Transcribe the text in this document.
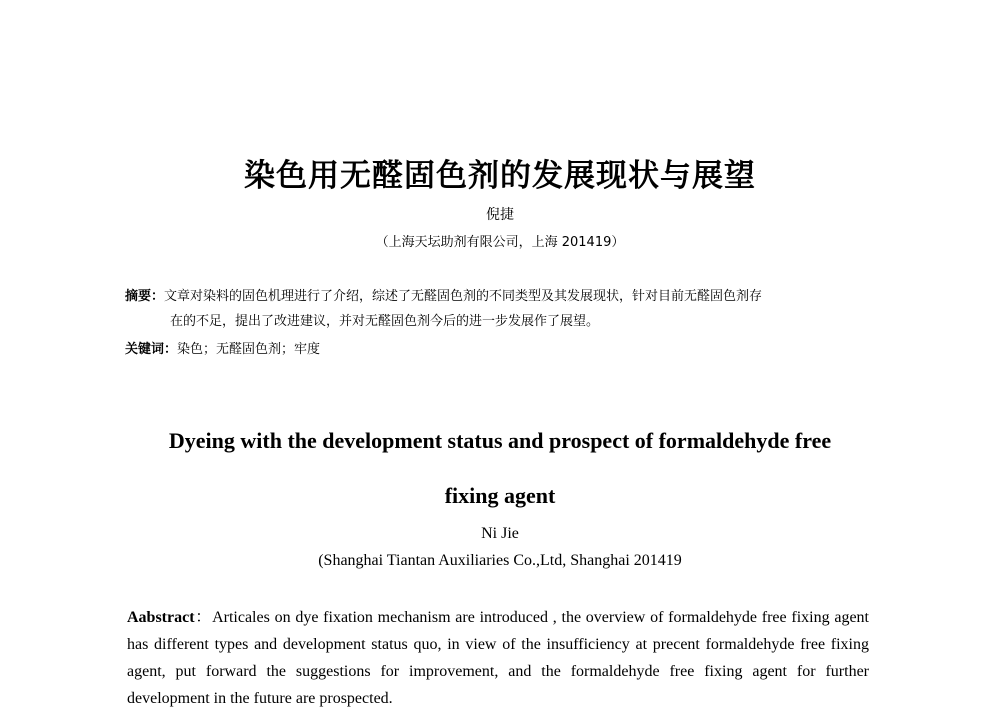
染色用无醛固色剂的发展现状与展望
倪捷
（上海天坛助剂有限公司，上海 201419）
摘要：文章对染料的固色机理进行了介绍，综述了无醛固色剂的不同类型及其发展现状，针对目前无醛固色剂存
在的不足，提出了改进建议，并对无醛固色剂今后的进一步发展作了展望。
关键词：染色；无醛固色剂；牢度
Dyeing with the development status and prospect of formaldehyde free
fixing agent
Ni Jie
(Shanghai Tiantan Auxiliaries Co.,Ltd, Shanghai 201419
Aabstract：Articales on dye fixation mechanism are introduced , the overview of formaldehyde free fixing agent has different types and development status quo, in view of the insufficiency at precent formaldehyde free fixing agent, put forward the suggestions for improvement, and the formaldehyde free fixing agent for further development in the future are prospected.
